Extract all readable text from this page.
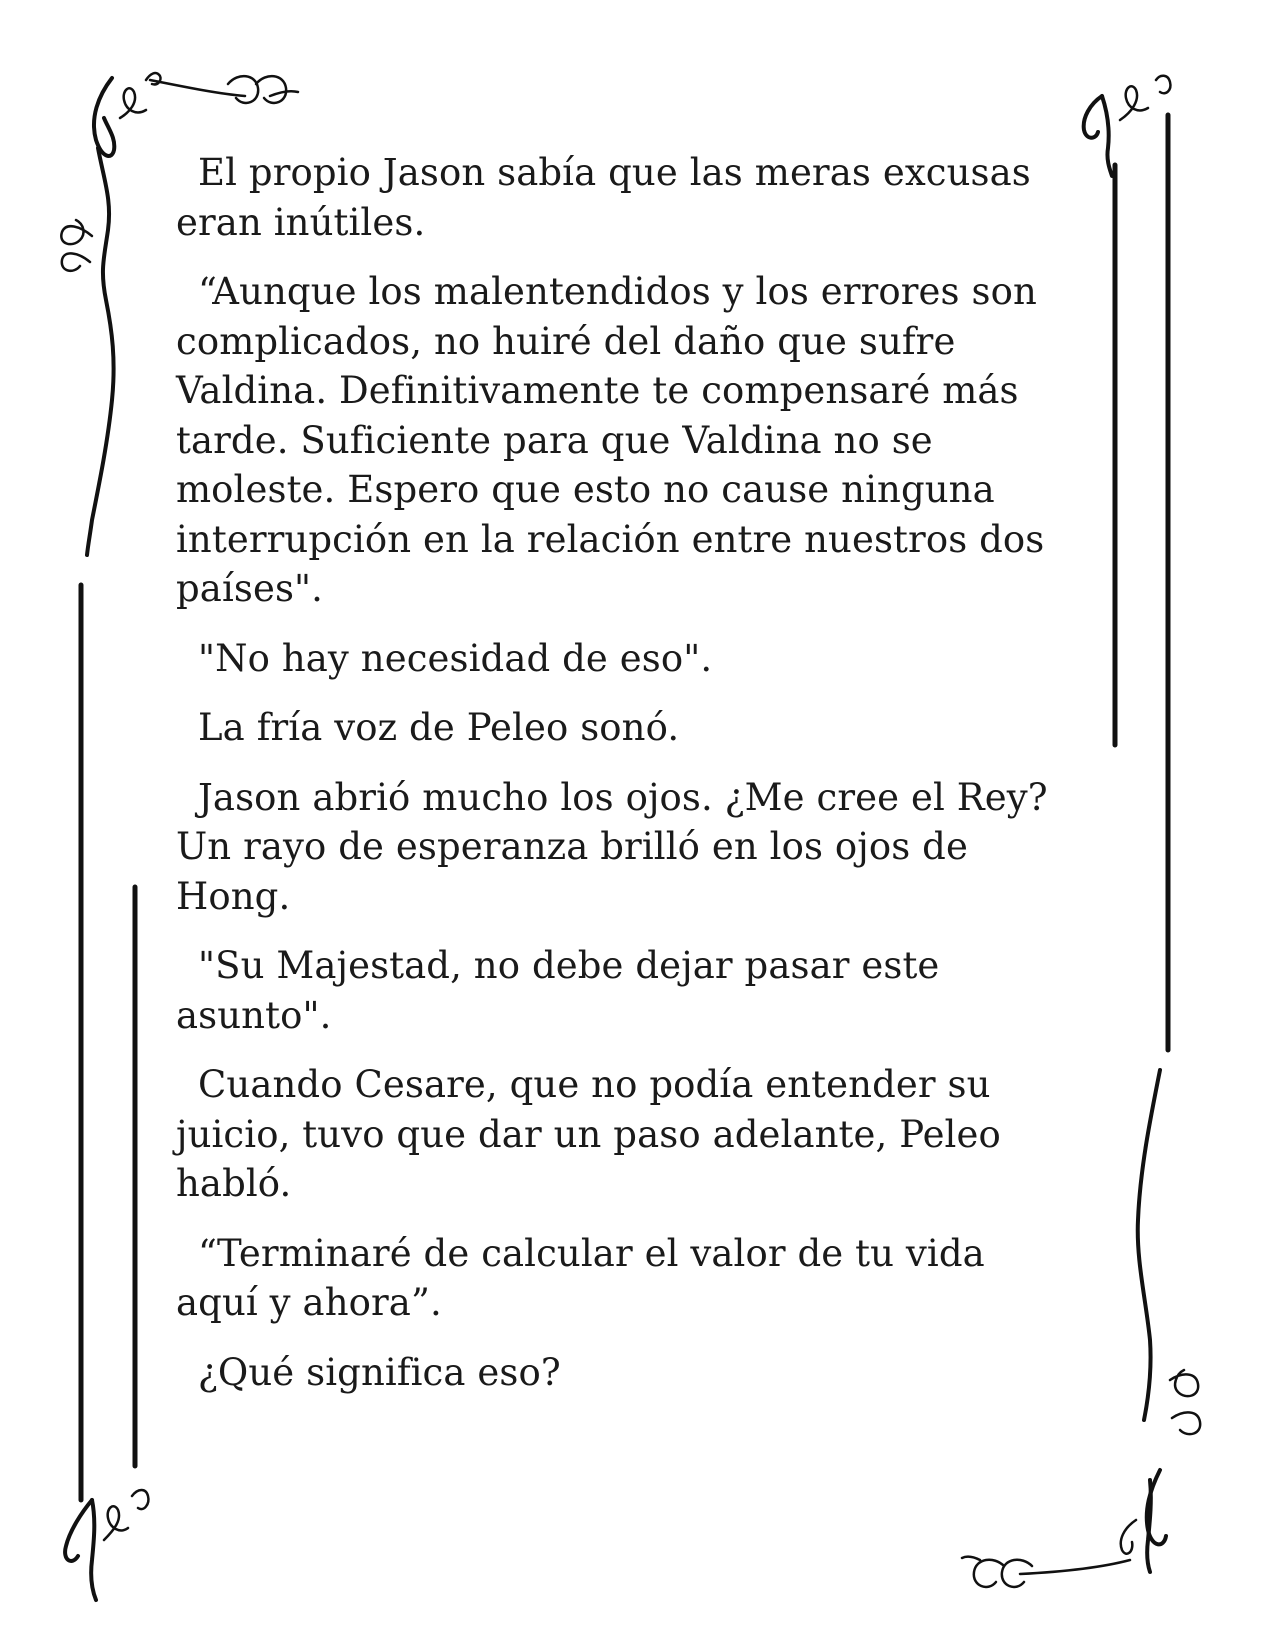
El propio Jason sabía que las meras excusas eran inútiles.

“Aunque los malentendidos y los errores son complicados, no huiré del daño que sufre Valdina. Definitivamente te compensaré más tarde. Suficiente para que Valdina no se moleste. Espero que esto no cause ninguna interrupción en la relación entre nuestros dos países".

"No hay necesidad de eso".

La fría voz de Peleo sonó.

Jason abrió mucho los ojos. ¿Me cree el Rey? Un rayo de esperanza brilló en los ojos de Hong.

"Su Majestad, no debe dejar pasar este asunto".

Cuando Cesare, que no podía entender su juicio, tuvo que dar un paso adelante, Peleo habló.

“Terminaré de calcular el valor de tu vida aquí y ahora”.

¿Qué significa eso?
